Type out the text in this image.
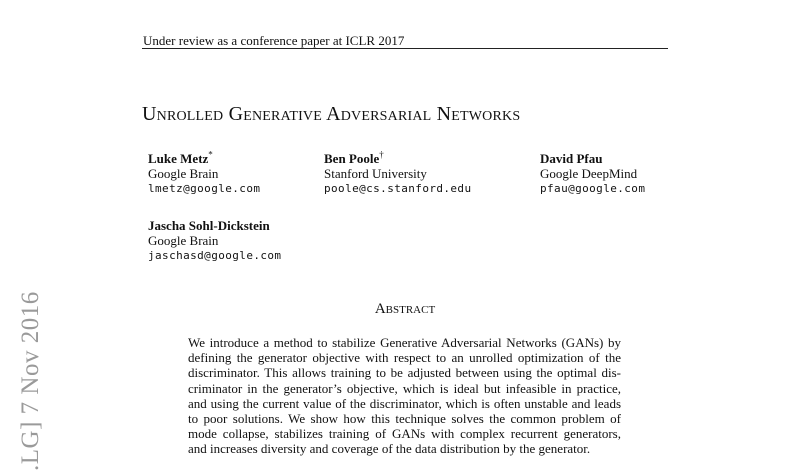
Under review as a conference paper at ICLR 2017
Unrolled Generative Adversarial Networks
Luke Metz*
Google Brain
lmetz@google.com
Ben Poole†
Stanford University
poole@cs.stanford.edu
David Pfau
Google DeepMind
pfau@google.com
Jascha Sohl-Dickstein
Google Brain
jaschasd@google.com
Abstract
We introduce a method to stabilize Generative Adversarial Networks (GANs) by
defining the generator objective with respect to an unrolled optimization of the
discriminator. This allows training to be adjusted between using the optimal dis-
criminator in the generator’s objective, which is ideal but infeasible in practice,
and using the current value of the discriminator, which is often unstable and leads
to poor solutions. We show how this technique solves the common problem of
mode collapse, stabilizes training of GANs with complex recurrent generators,
and increases diversity and coverage of the data distribution by the generator.
.LG] 7 Nov 2016
